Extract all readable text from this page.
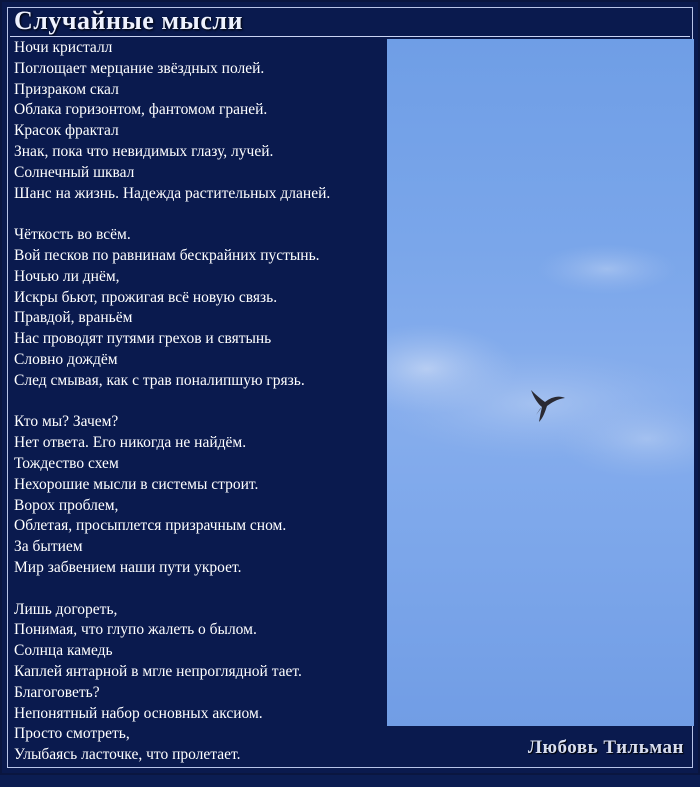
Случайные мысли
Ночи кристалл
Поглощает мерцание звёздных полей.
Призраком скал
Облака горизонтом, фантомом граней.
Красок фрактал
Знак, пока что невидимых глазу, лучей.
Солнечный шквал
Шанс на жизнь. Надежда растительных дланей.
Чёткость во всём.
Вой песков по равнинам бескрайних пустынь.
Ночью ли днём,
Искры бьют, прожигая всё новую связь.
Правдой, враньём
Нас проводят путями грехов и святынь
Словно дождём
След смывая, как с трав поналипшую грязь.
Кто мы? Зачем?
Нет ответа. Его никогда не найдём.
Тождество схем
Нехорошие мысли в системы строит.
Ворох проблем,
Облетая, просыплется призрачным сном.
За бытием
Мир забвением наши пути укроет.
Лишь догореть,
Понимая, что глупо жалеть о былом.
Солнца камедь
Каплей янтарной в мгле непроглядной тает.
Благоговеть?
Непонятный набор основных аксиом.
Просто смотреть,
Улыбаясь ласточке, что пролетает.	Любовь Тильман
